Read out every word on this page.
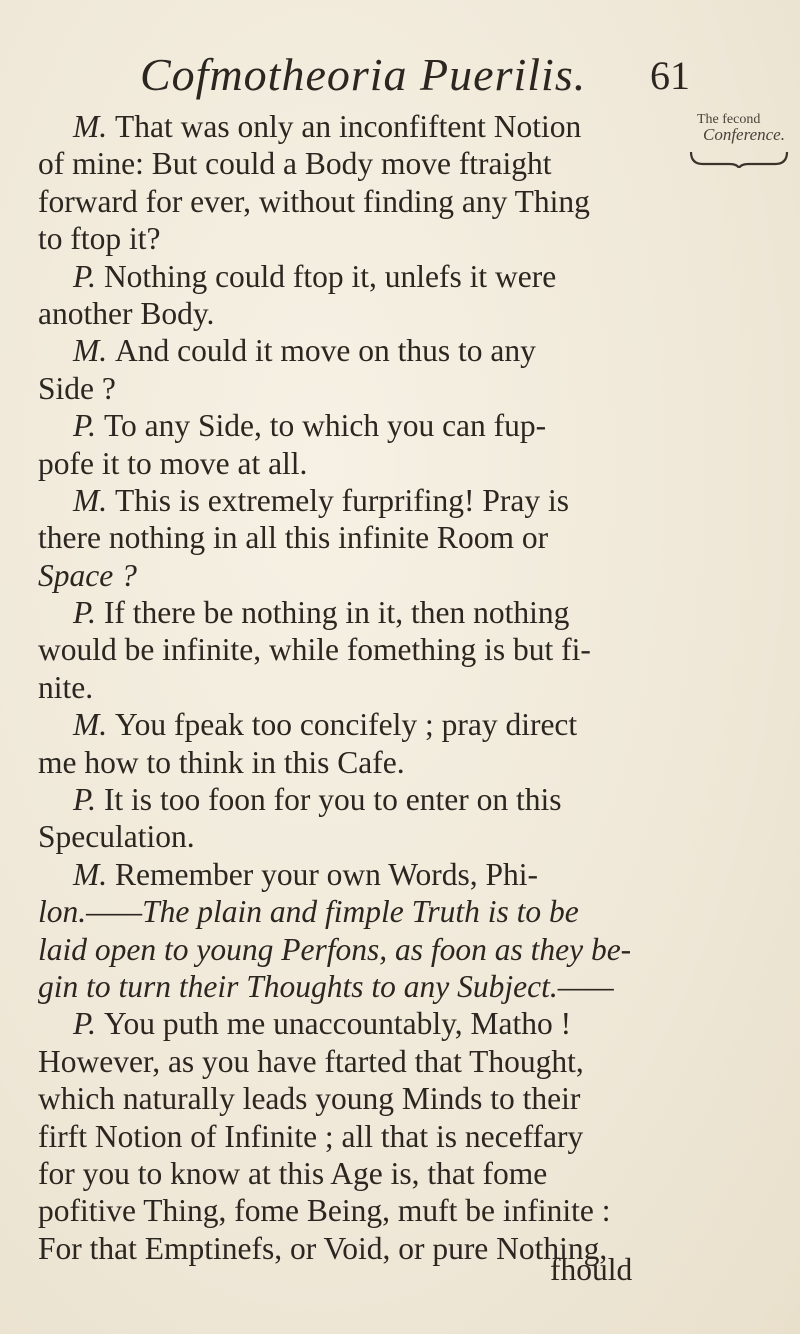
Cofmotheoria Puerilis. 61
The fecond
Conference.
M. That was only an inconfiftent Notion
of mine: But could a Body move ftraight
forward for ever, without finding any Thing
to ftop it?
P. Nothing could ftop it, unlefs it were
another Body.
M. And could it move on thus to any
Side ?
P. To any Side, to which you can fup-
pofe it to move at all.
M. This is extremely furprifing! Pray is
there nothing in all this infinite Room or
Space ?
P. If there be nothing in it, then nothing
would be infinite, while fomething is but fi-
nite.
M. You fpeak too concifely ; pray direct
me how to think in this Cafe.
P. It is too foon for you to enter on this
Speculation.
M. Remember your own Words, Phi-
lon.——The plain and fimple Truth is to be
laid open to young Perfons, as foon as they be-
gin to turn their Thoughts to any Subject.——
P. You puth me unaccountably, Matho !
However, as you have ftarted that Thought,
which naturally leads young Minds to their
firft Notion of Infinite ; all that is neceffary
for you to know at this Age is, that fome
pofitive Thing, fome Being, muft be infinite :
For that Emptinefs, or Void, or pure Nothing,
fhould
